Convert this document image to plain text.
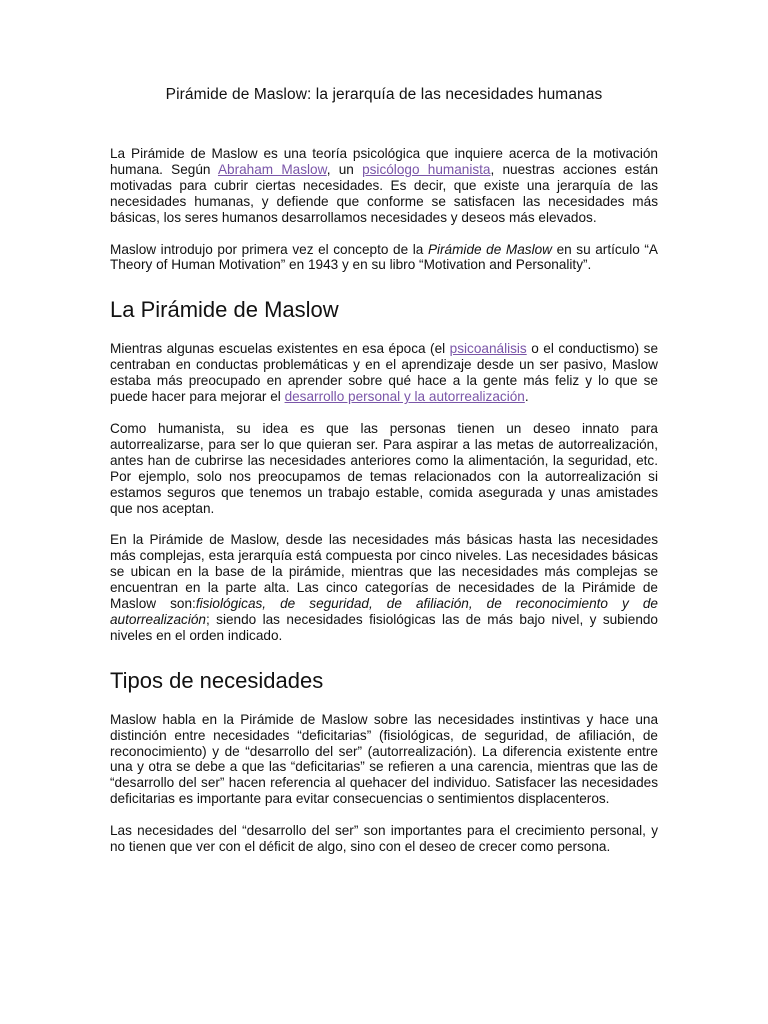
Pirámide de Maslow: la jerarquía de las necesidades humanas

La Pirámide de Maslow es una teoría psicológica que inquiere acerca de la motivación humana. Según Abraham Maslow, un psicólogo humanista, nuestras acciones están motivadas para cubrir ciertas necesidades. Es decir, que existe una jerarquía de las necesidades humanas, y defiende que conforme se satisfacen las necesidades más básicas, los seres humanos desarrollamos necesidades y deseos más elevados.

Maslow introdujo por primera vez el concepto de la Pirámide de Maslow en su artículo “A Theory of Human Motivation” en 1943 y en su libro “Motivation and Personality”.

La Pirámide de Maslow

Mientras algunas escuelas existentes en esa época (el psicoanálisis o el conductismo) se centraban en conductas problemáticas y en el aprendizaje desde un ser pasivo, Maslow estaba más preocupado en aprender sobre qué hace a la gente más feliz y lo que se puede hacer para mejorar el desarrollo personal y la autorrealización.

Como humanista, su idea es que las personas tienen un deseo innato para autorrealizarse, para ser lo que quieran ser. Para aspirar a las metas de autorrealización, antes han de cubrirse las necesidades anteriores como la alimentación, la seguridad, etc. Por ejemplo, solo nos preocupamos de temas relacionados con la autorrealización si estamos seguros que tenemos un trabajo estable, comida asegurada y unas amistades que nos aceptan.

En la Pirámide de Maslow, desde las necesidades más básicas hasta las necesidades más complejas, esta jerarquía está compuesta por cinco niveles. Las necesidades básicas se ubican en la base de la pirámide, mientras que las necesidades más complejas se encuentran en la parte alta. Las cinco categorías de necesidades de la Pirámide de Maslow son:fisiológicas, de seguridad, de afiliación, de reconocimiento y de autorrealización; siendo las necesidades fisiológicas las de más bajo nivel, y subiendo niveles en el orden indicado.

Tipos de necesidades

Maslow habla en la Pirámide de Maslow sobre las necesidades instintivas y hace una distinción entre necesidades “deficitarias” (fisiológicas, de seguridad, de afiliación, de reconocimiento) y de “desarrollo del ser” (autorrealización). La diferencia existente entre una y otra se debe a que las “deficitarias” se refieren a una carencia, mientras que las de “desarrollo del ser” hacen referencia al quehacer del individuo. Satisfacer las necesidades deficitarias es importante para evitar consecuencias o sentimientos displacenteros.

Las necesidades del “desarrollo del ser” son importantes para el crecimiento personal, y no tienen que ver con el déficit de algo, sino con el deseo de crecer como persona.
